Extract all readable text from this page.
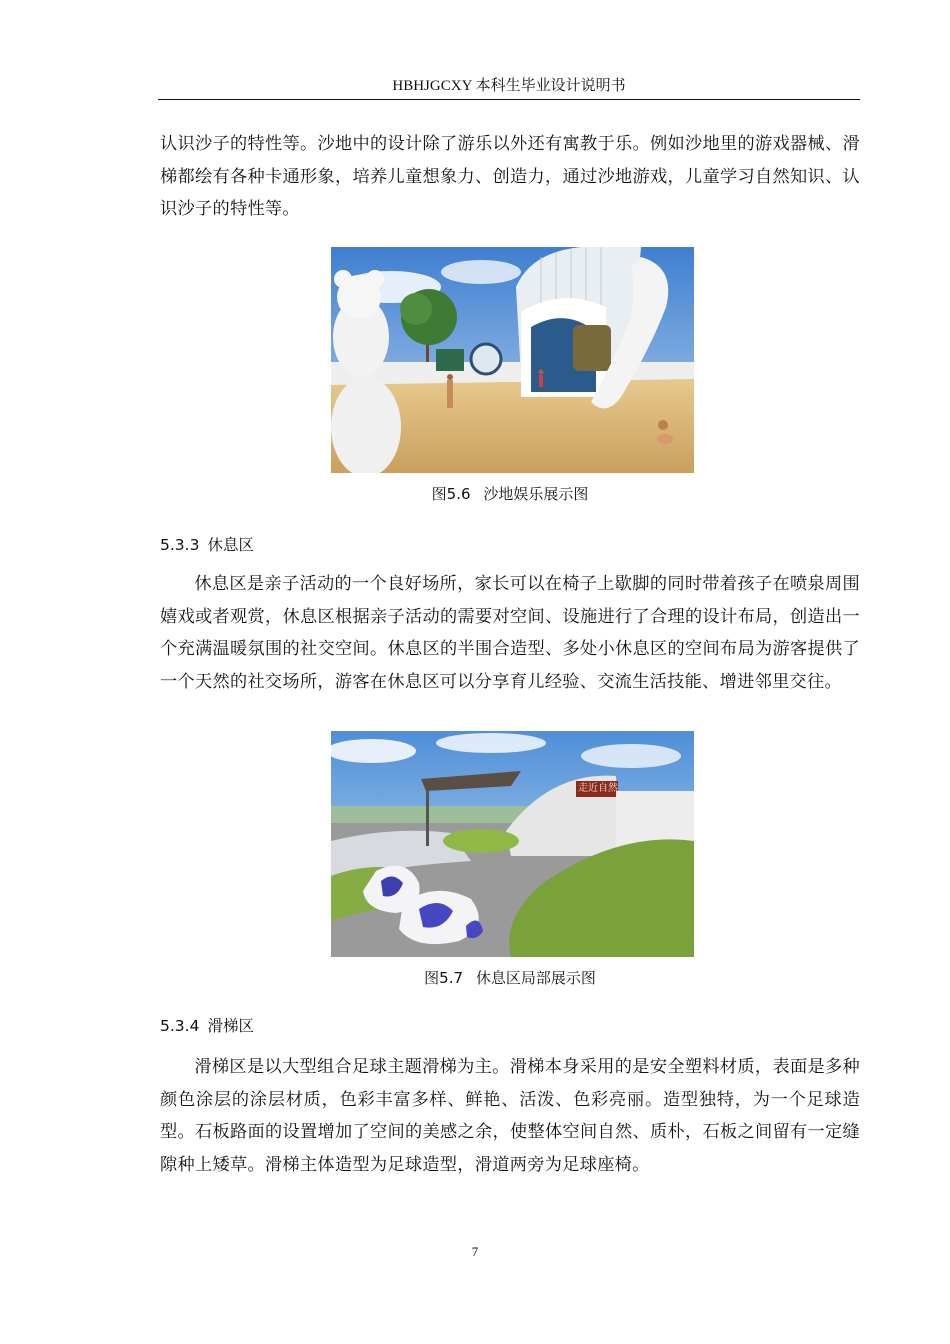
HBHJGCXY 本科生毕业设计说明书

认识沙子的特性等。沙地中的设计除了游乐以外还有寓教于乐。例如沙地里的游戏器械、滑梯都绘有各种卡通形象，培养儿童想象力、创造力，通过沙地游戏，儿童学习自然知识、认识沙子的特性等。

图5.6 沙地娱乐展示图
5.3.3 休息区

休息区是亲子活动的一个良好场所，家长可以在椅子上歇脚的同时带着孩子在喷泉周围嬉戏或者观赏，休息区根据亲子活动的需要对空间、设施进行了合理的设计布局，创造出一个充满温暖氛围的社交空间。休息区的半围合造型、多处小休息区的空间布局为游客提供了一个天然的社交场所，游客在休息区可以分享育儿经验、交流生活技能、增进邻里交往。

走近自然
图5.7 休息区局部展示图
5.3.4 滑梯区

滑梯区是以大型组合足球主题滑梯为主。滑梯本身采用的是安全塑料材质，表面是多种颜色涂层的涂层材质，色彩丰富多样、鲜艳、活泼、色彩亮丽。造型独特，为一个足球造型。石板路面的设置增加了空间的美感之余，使整体空间自然、质朴，石板之间留有一定缝隙种上矮草。滑梯主体造型为足球造型，滑道两旁为足球座椅。

7
